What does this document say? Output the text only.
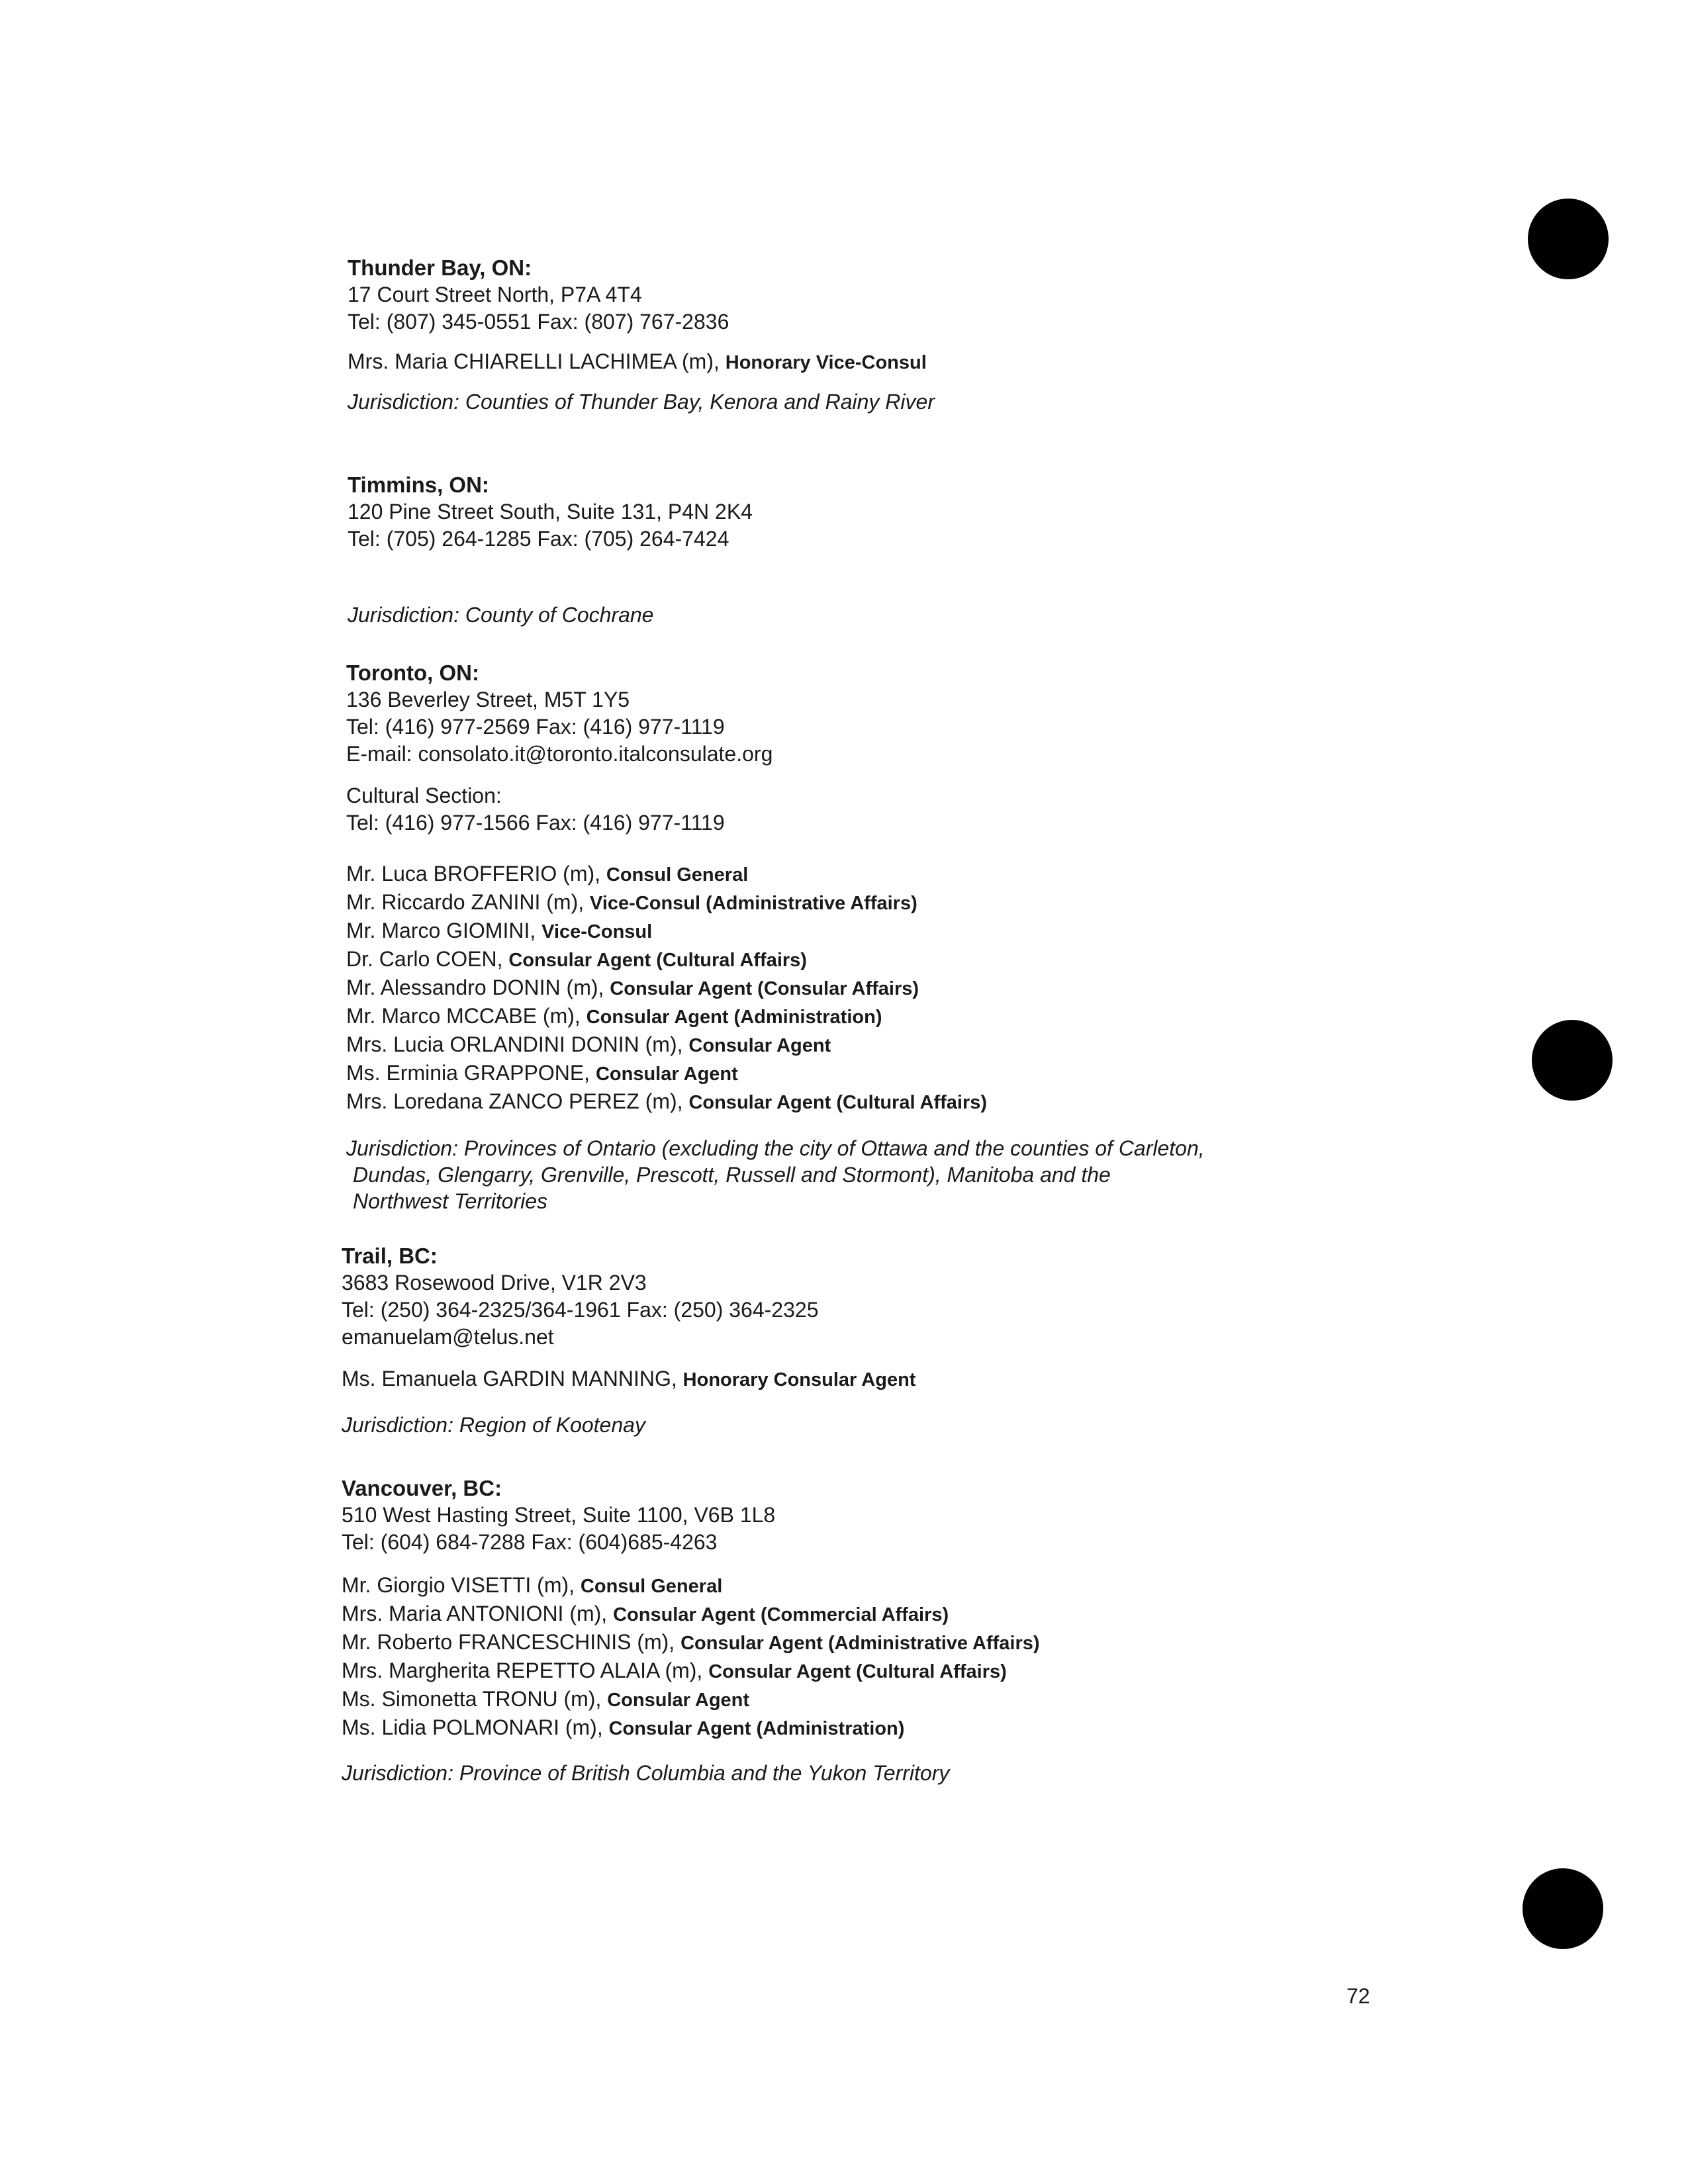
Thunder Bay, ON:
17 Court Street North, P7A 4T4
Tel: (807) 345-0551 Fax: (807) 767-2836
Mrs. Maria CHIARELLI LACHIMEA (m), Honorary Vice-Consul
Jurisdiction: Counties of Thunder Bay, Kenora and Rainy River
Timmins, ON:
120 Pine Street South, Suite 131, P4N 2K4
Tel: (705) 264-1285 Fax: (705) 264-7424
Jurisdiction: County of Cochrane
Toronto, ON:
136 Beverley Street, M5T 1Y5
Tel: (416) 977-2569 Fax: (416) 977-1119
E-mail: consolato.it@toronto.italconsulate.org
Cultural Section:
Tel: (416) 977-1566 Fax: (416) 977-1119
Mr. Luca BROFFERIO (m), Consul General
Mr. Riccardo ZANINI (m), Vice-Consul (Administrative Affairs)
Mr. Marco GIOMINI, Vice-Consul
Dr. Carlo COEN, Consular Agent (Cultural Affairs)
Mr. Alessandro DONIN (m), Consular Agent (Consular Affairs)
Mr. Marco MCCABE (m), Consular Agent (Administration)
Mrs. Lucia ORLANDINI DONIN (m), Consular Agent
Ms. Erminia GRAPPONE, Consular Agent
Mrs. Loredana ZANCO PEREZ (m), Consular Agent (Cultural Affairs)
Jurisdiction: Provinces of Ontario (excluding the city of Ottawa and the counties of Carleton,
Dundas, Glengarry, Grenville, Prescott, Russell and Stormont), Manitoba and the
Northwest Territories
Trail, BC:
3683 Rosewood Drive, V1R 2V3
Tel: (250) 364-2325/364-1961 Fax: (250) 364-2325
emanuelam@telus.net
Ms. Emanuela GARDIN MANNING, Honorary Consular Agent
Jurisdiction: Region of Kootenay
Vancouver, BC:
510 West Hasting Street, Suite 1100, V6B 1L8
Tel: (604) 684-7288 Fax: (604)685-4263
Mr. Giorgio VISETTI (m), Consul General
Mrs. Maria ANTONIONI (m), Consular Agent (Commercial Affairs)
Mr. Roberto FRANCESCHINIS (m), Consular Agent (Administrative Affairs)
Mrs. Margherita REPETTO ALAIA (m), Consular Agent (Cultural Affairs)
Ms. Simonetta TRONU (m), Consular Agent
Ms. Lidia POLMONARI (m), Consular Agent (Administration)
Jurisdiction: Province of British Columbia and the Yukon Territory
72
